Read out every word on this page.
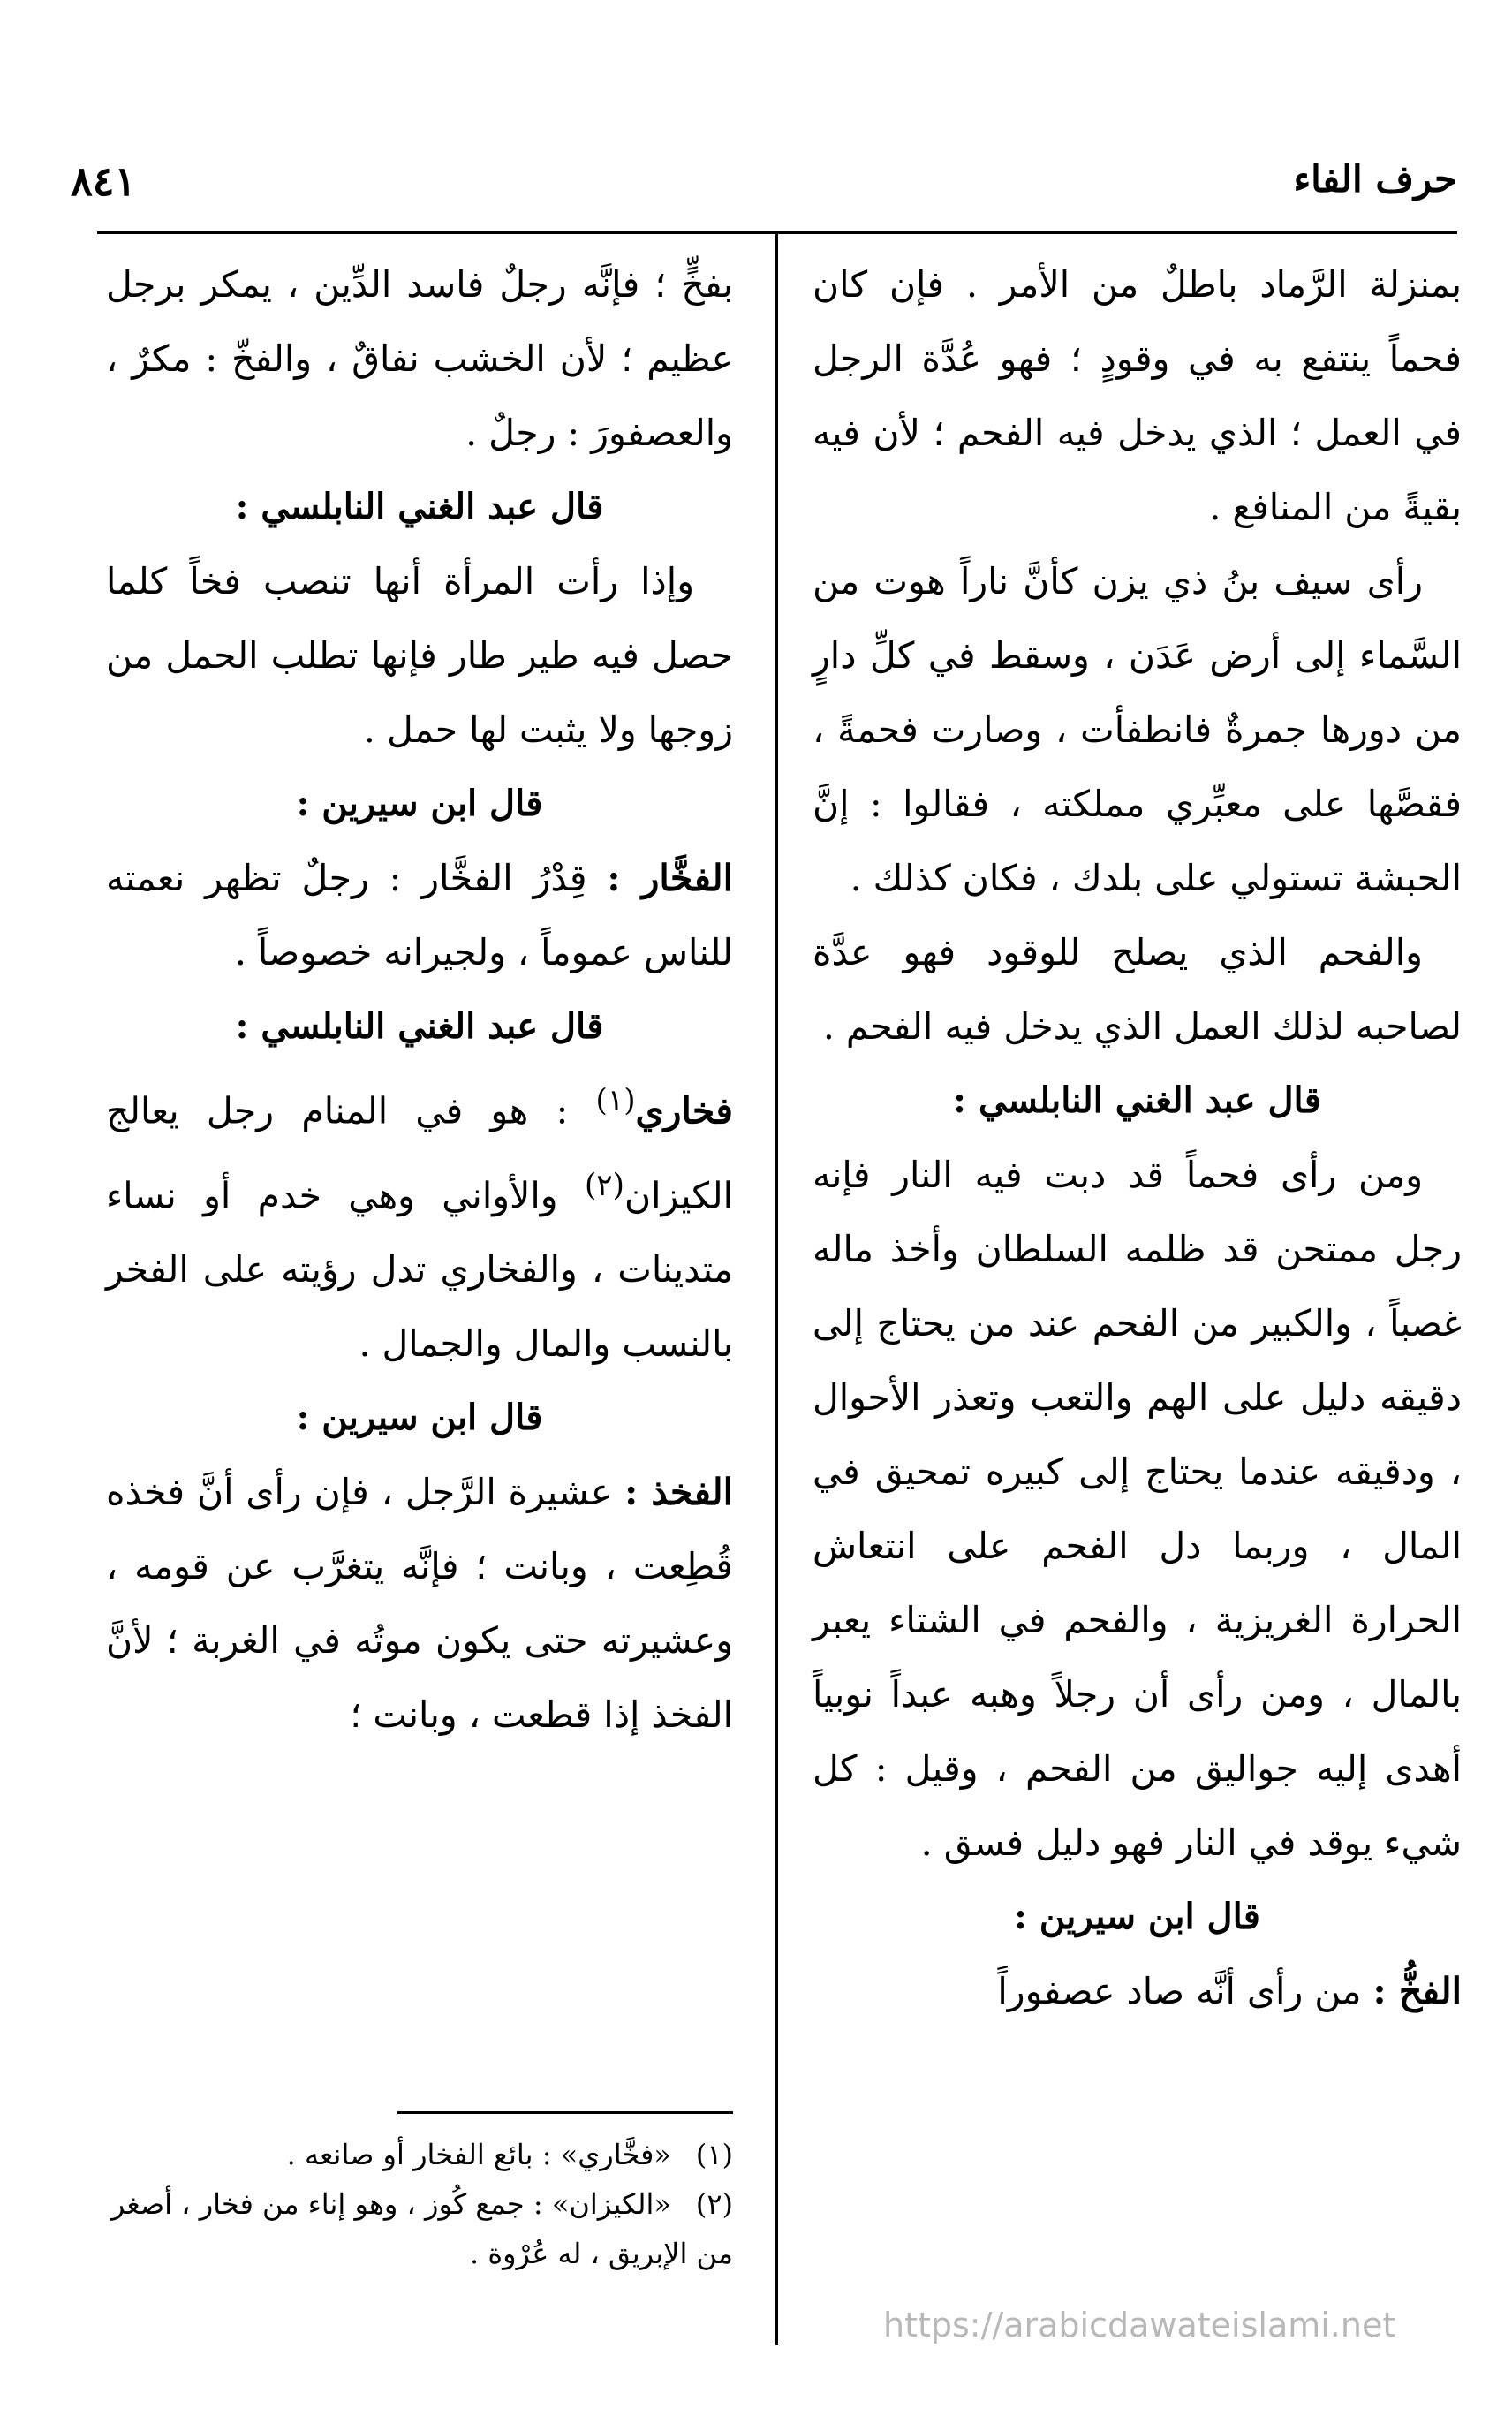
حرف الفاء
٨٤١

بمنزلة الرَّماد باطلٌ من الأمر . فإن كان فحماً ينتفع به في وقودٍ ؛ فهو عُدَّة الرجل في العمل ؛ الذي يدخل فيه الفحم ؛ لأن فيه بقيةً من المنافع .

رأى سيف بنُ ذي يزن كأنَّ ناراً هوت من السَّماء إلى أرض عَدَن ، وسقط في كلِّ دارٍ من دورها جمرةٌ فانطفأت ، وصارت فحمةً ، فقصَّها على معبِّري مملكته ، فقالوا : إنَّ الحبشة تستولي على بلدك ، فكان كذلك .

والفحم الذي يصلح للوقود فهو عدَّة لصاحبه لذلك العمل الذي يدخل فيه الفحم .

قال عبد الغني النابلسي :

ومن رأى فحماً قد دبت فيه النار فإنه رجل ممتحن قد ظلمه السلطان وأخذ ماله غصباً ، والكبير من الفحم عند من يحتاج إلى دقيقه دليل على الهم والتعب وتعذر الأحوال ، ودقيقه عندما يحتاج إلى كبيره تمحيق في المال ، وربما دل الفحم على انتعاش الحرارة الغريزية ، والفحم في الشتاء يعبر بالمال ، ومن رأى أن رجلاً وهبه عبداً نوبياً أهدى إليه جواليق من الفحم ، وقيل : كل شيء يوقد في النار فهو دليل فسق .

قال ابن سيرين :

الفخُّ : من رأى أنَّه صاد عصفوراً

بفخٍّ ؛ فإنَّه رجلٌ فاسد الدِّين ، يمكر برجل عظيم ؛ لأن الخشب نفاقٌ ، والفخّ : مكرٌ ، والعصفورَ : رجلٌ .

قال عبد الغني النابلسي :

وإذا رأت المرأة أنها تنصب فخاً كلما حصل فيه طير طار فإنها تطلب الحمل من زوجها ولا يثبت لها حمل .

قال ابن سيرين :

الفخَّار : قِدْرُ الفخَّار : رجلٌ تظهر نعمته للناس عموماً ، ولجيرانه خصوصاً .

قال عبد الغني النابلسي :

فخاري$^{(١)}$ : هو في المنام رجل يعالج الكيزان$^{(٢)}$ والأواني وهي خدم أو نساء متدينات ، والفخاري تدل رؤيته على الفخر بالنسب والمال والجمال .

قال ابن سيرين :

الفخذ : عشيرة الرَّجل ، فإن رأى أنَّ فخذه قُطِعت ، وبانت ؛ فإنَّه يتغرَّب عن قومه ، وعشيرته حتى يكون موتُه في الغربة ؛ لأنَّ الفخذ إذا قطعت ، وبانت ؛

(١)«فخَّاري» : بائع الفخار أو صانعه .
(٢)«الكيزان» : جمع كُوز ، وهو إناء من فخار ، أصغر من الإبريق ، له عُرْوة .
https://arabicdawateislami.net
